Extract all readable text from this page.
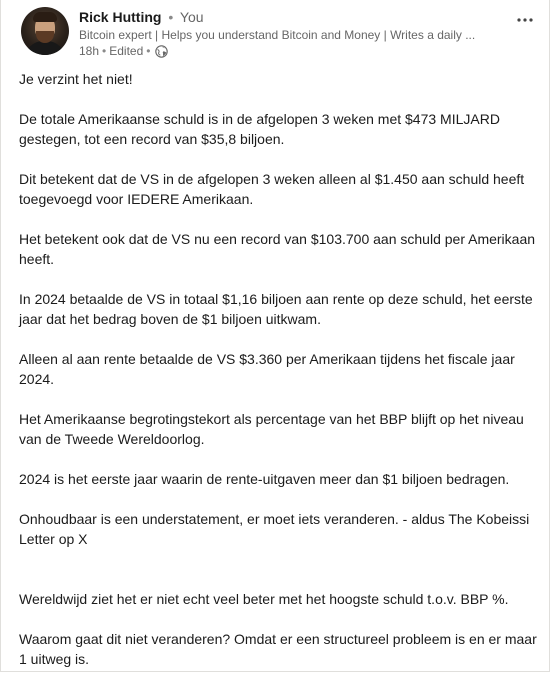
Rick Hutting • You
Bitcoin expert | Helps you understand Bitcoin and Money | Writes a daily ...
18h • Edited •

Je verzint het niet!

De totale Amerikaanse schuld is in de afgelopen 3 weken met $473 MILJARD gestegen, tot een record van $35,8 biljoen.

Dit betekent dat de VS in de afgelopen 3 weken alleen al $1.450 aan schuld heeft toegevoegd voor IEDERE Amerikaan.

Het betekent ook dat de VS nu een record van $103.700 aan schuld per Amerikaan heeft.

In 2024 betaalde de VS in totaal $1,16 biljoen aan rente op deze schuld, het eerste jaar dat het bedrag boven de $1 biljoen uitkwam.

Alleen al aan rente betaalde de VS $3.360 per Amerikaan tijdens het fiscale jaar 2024.

Het Amerikaanse begrotingstekort als percentage van het BBP blijft op het niveau van de Tweede Wereldoorlog.

2024 is het eerste jaar waarin de rente-uitgaven meer dan $1 biljoen bedragen.

Onhoudbaar is een understatement, er moet iets veranderen. - aldus The Kobeissi Letter op X

Wereldwijd ziet het er niet echt veel beter met het hoogste schuld t.o.v. BBP %.

Waarom gaat dit niet veranderen? Omdat er een structureel probleem is en er maar 1 uitweg is.
